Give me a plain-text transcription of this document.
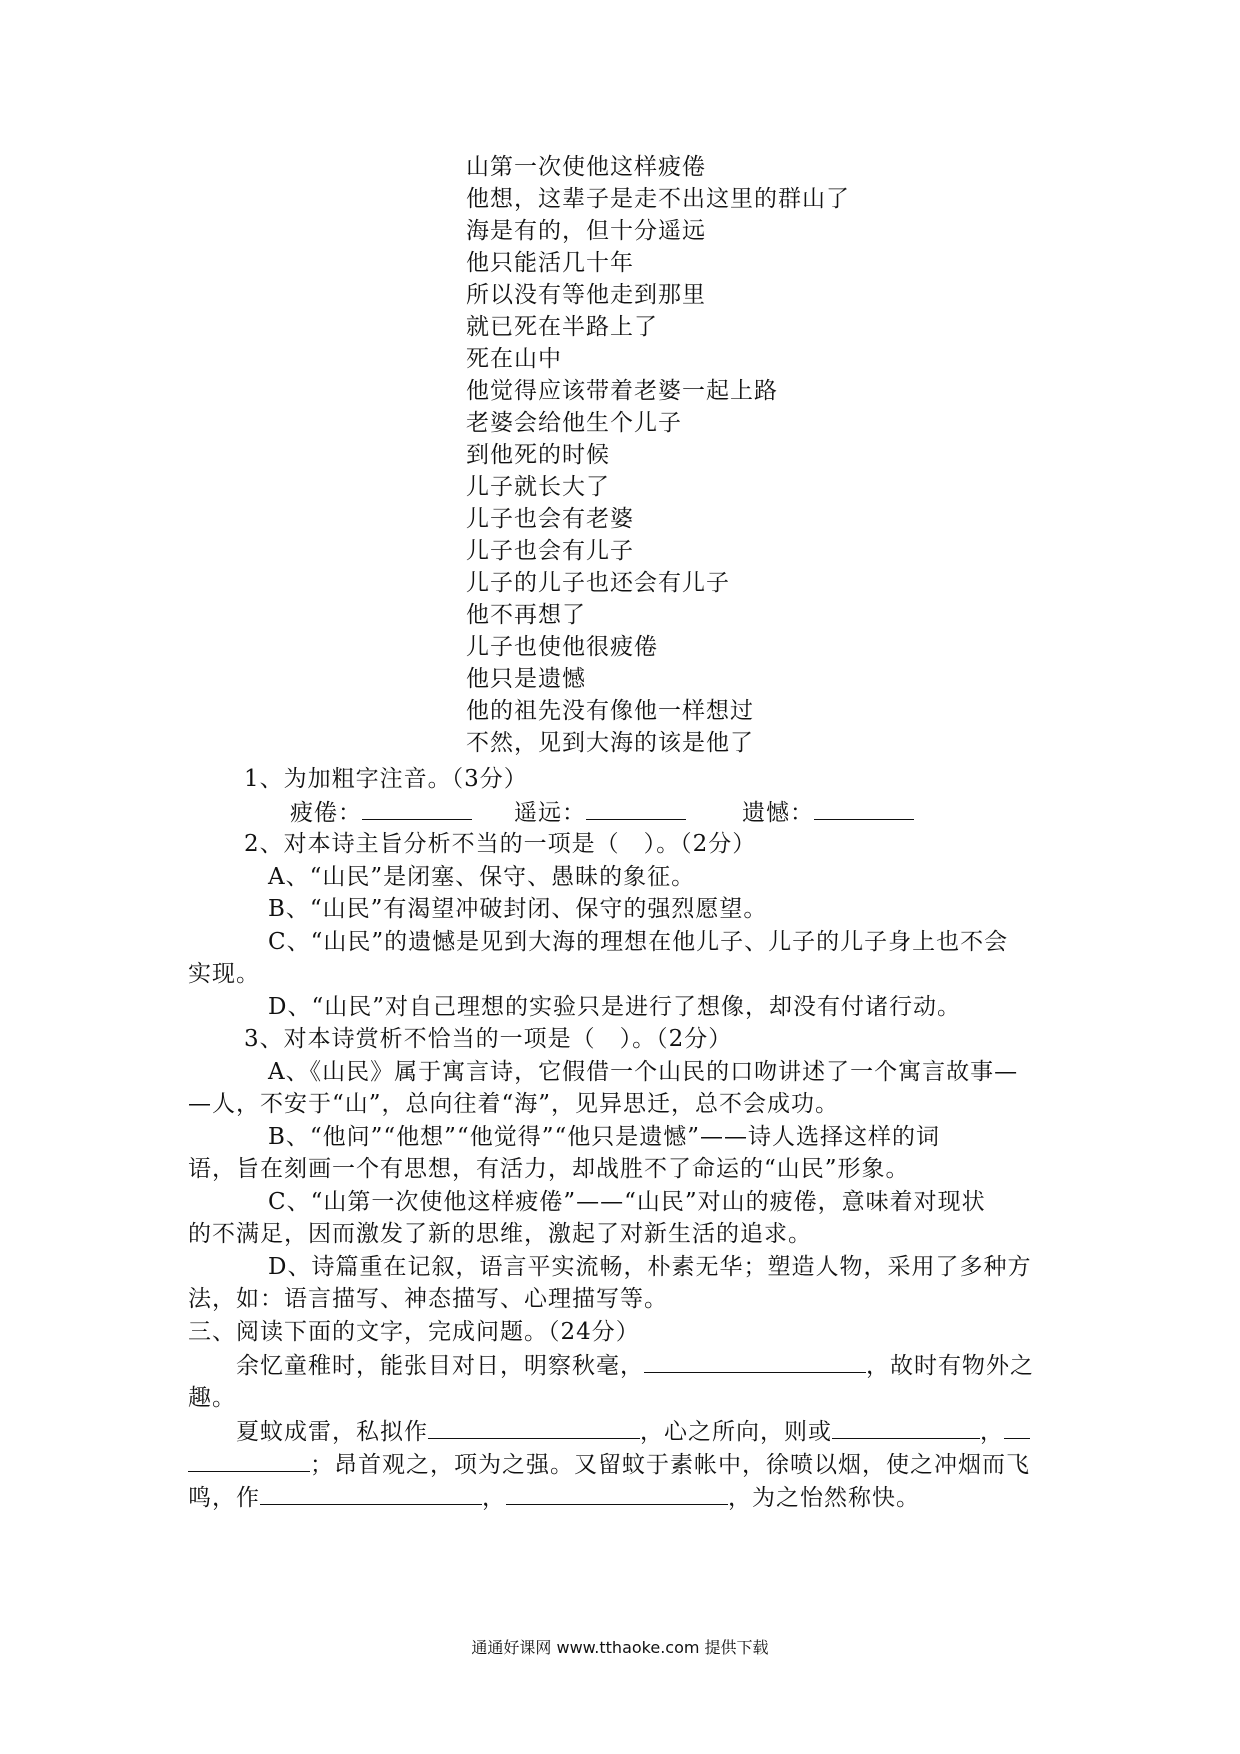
山第一次使他这样疲倦
他想，这辈子是走不出这里的群山了
海是有的，但十分遥远
他只能活几十年
所以没有等他走到那里
就已死在半路上了
死在山中
他觉得应该带着老婆一起上路
老婆会给他生个儿子
到他死的时候
儿子就长大了
儿子也会有老婆
儿子也会有儿子
儿子的儿子也还会有儿子
他不再想了
儿子也使他很疲倦
他只是遗憾
他的祖先没有像他一样想过
不然，见到大海的该是他了
1、为加粗字注音。（3分）
疲倦：	遥远：	遗憾：
2、对本诗主旨分析不当的一项是（　）。（2分）
A、“山民”是闭塞、保守、愚昧的象征。
B、“山民”有渴望冲破封闭、保守的强烈愿望。
C、“山民”的遗憾是见到大海的理想在他儿子、儿子的儿子身上也不会
实现。
D、“山民”对自己理想的实验只是进行了想像，却没有付诸行动。
3、对本诗赏析不恰当的一项是（　）。（2分）
A、《山民》属于寓言诗，它假借一个山民的口吻讲述了一个寓言故事—
—人，不安于“山”，总向往着“海”，见异思迁，总不会成功。
B、“他问”“他想”“他觉得”“他只是遗憾”——诗人选择这样的词
语，旨在刻画一个有思想，有活力，却战胜不了命运的“山民”形象。
C、“山第一次使他这样疲倦”——“山民”对山的疲倦，意味着对现状
的不满足，因而激发了新的思维，激起了对新生活的追求。
D、诗篇重在记叙，语言平实流畅，朴素无华；塑造人物，采用了多种方
法，如：语言描写、神态描写、心理描写等。
三、阅读下面的文字，完成问题。（24分）
余忆童稚时，能张目对日，明察秋毫，	，故时有物外之
趣。
夏蚊成雷，私拟作	，心之所向，则或	，
；昂首观之，项为之强。又留蚊于素帐中，徐喷以烟，使之冲烟而飞
鸣，作	，	，为之怡然称快。
通通好课网 www.tthaoke.com 提供下载
